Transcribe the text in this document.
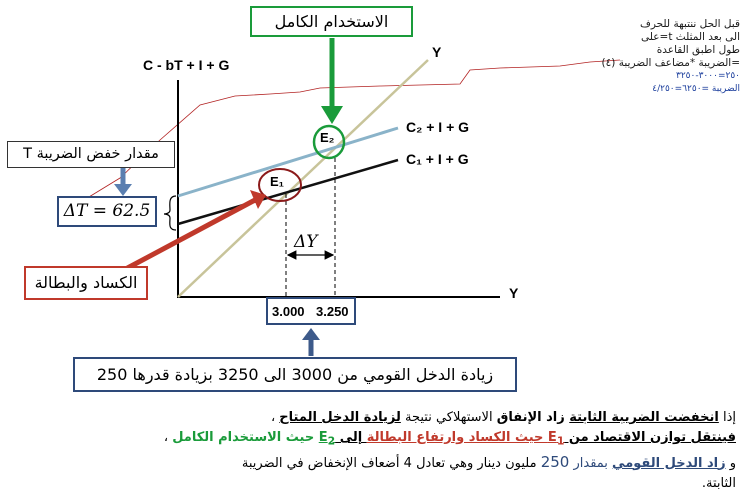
C - bT + I + G
Y
Y
C₂ + I + G
C₁ + I + G
E₁
E₂
ΔY
الاستخدام الكامل
مقدار خفض الضريبة T
ΔT = 62.5
الكساد والبطالة
3.000 3.250
زيادة الدخل القومي من 3000 الى 3250 بزيادة قدرها 250
قبل الحل ننتبهة للحرف
الى بعد المثلث t=على
طول اطبق القاعدة
=الضريبة *مضاعف الضريبة (٤)
٢٥٠=٣٠٠٠-٣٢٥٠
الضريبة =٦٢٥٠=٤/٢٥٠
إذا انخفضت الضريبة الثابتة زاد الإنفاق الاستهلاكي نتيجة لزيادة الدخل المتاح ،
فينتقل توازن الاقتصاد من $E_1$ حيث الكساد وارتفاع البطالة إلى $E_2$ حيث الاستخدام الكامل ،
و زاد الدخل القومي بمقدار 250 مليون دينار وهي تعادل 4 أضعاف الإنخفاض في الضريبة
الثابتة.
